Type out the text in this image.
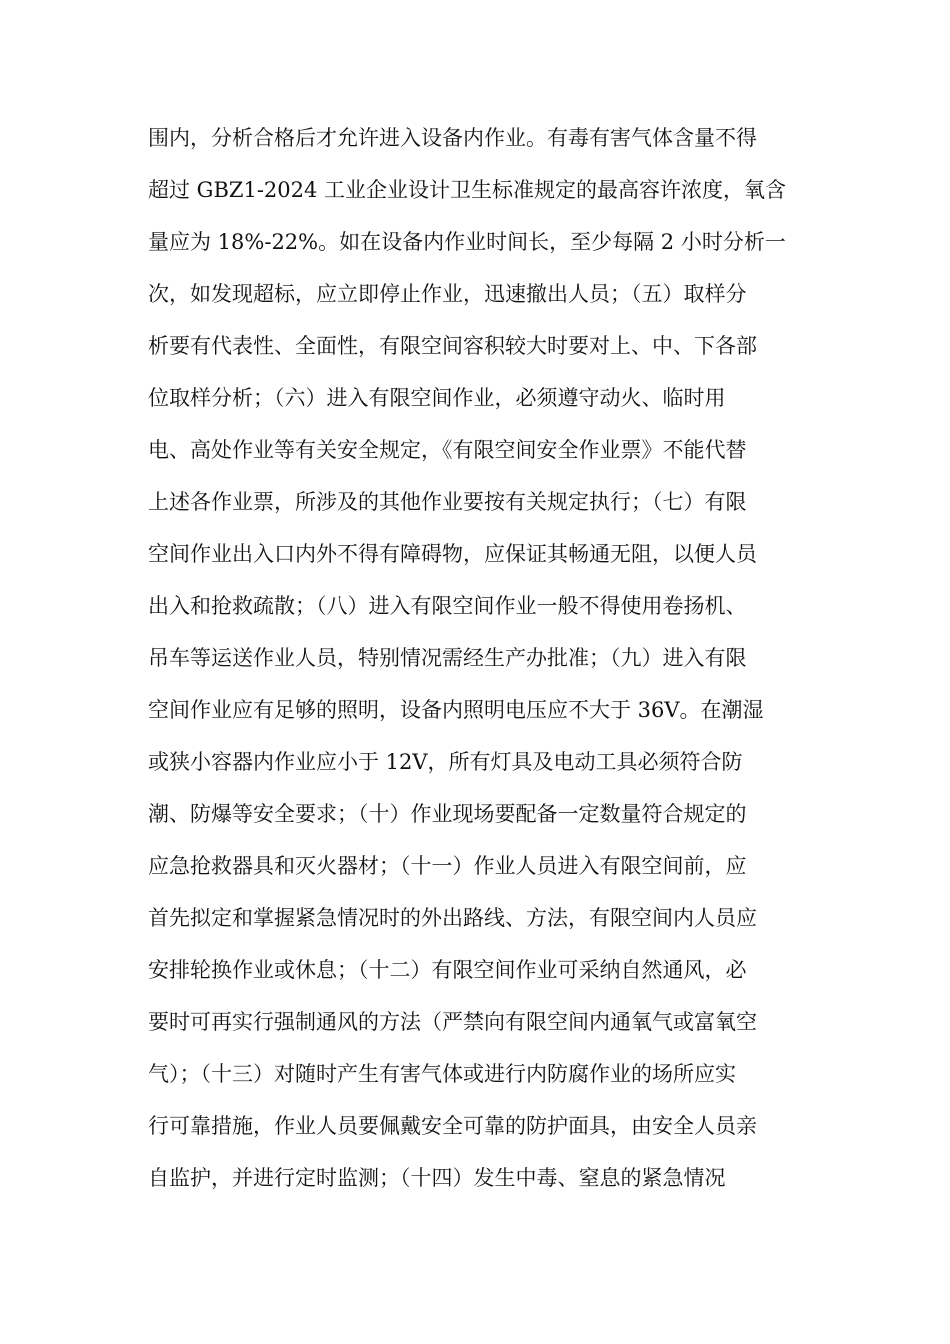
围内，分析合格后才允许进入设备内作业。有毒有害气体含量不得
超过 GBZ1-2024 工业企业设计卫生标准规定的最高容许浓度，氧含
量应为 18%-22%。如在设备内作业时间长，至少每隔 2 小时分析一
次，如发现超标，应立即停止作业，迅速撤出人员；（五）取样分
析要有代表性、全面性，有限空间容积较大时要对上、中、下各部
位取样分析；（六）进入有限空间作业，必须遵守动火、临时用
电、高处作业等有关安全规定，《有限空间安全作业票》不能代替
上述各作业票，所涉及的其他作业要按有关规定执行；（七）有限
空间作业出入口内外不得有障碍物，应保证其畅通无阻，以便人员
出入和抢救疏散；（八）进入有限空间作业一般不得使用卷扬机、
吊车等运送作业人员，特别情况需经生产办批准；（九）进入有限
空间作业应有足够的照明，设备内照明电压应不大于 36V。在潮湿
或狭小容器内作业应小于 12V，所有灯具及电动工具必须符合防
潮、防爆等安全要求；（十）作业现场要配备一定数量符合规定的
应急抢救器具和灭火器材；（十一）作业人员进入有限空间前，应
首先拟定和掌握紧急情况时的外出路线、方法，有限空间内人员应
安排轮换作业或休息；（十二）有限空间作业可采纳自然通风，必
要时可再实行强制通风的方法（严禁向有限空间内通氧气或富氧空
气）；（十三）对随时产生有害气体或进行内防腐作业的场所应实
行可靠措施，作业人员要佩戴安全可靠的防护面具，由安全人员亲
自监护，并进行定时监测；（十四）发生中毒、窒息的紧急情况
